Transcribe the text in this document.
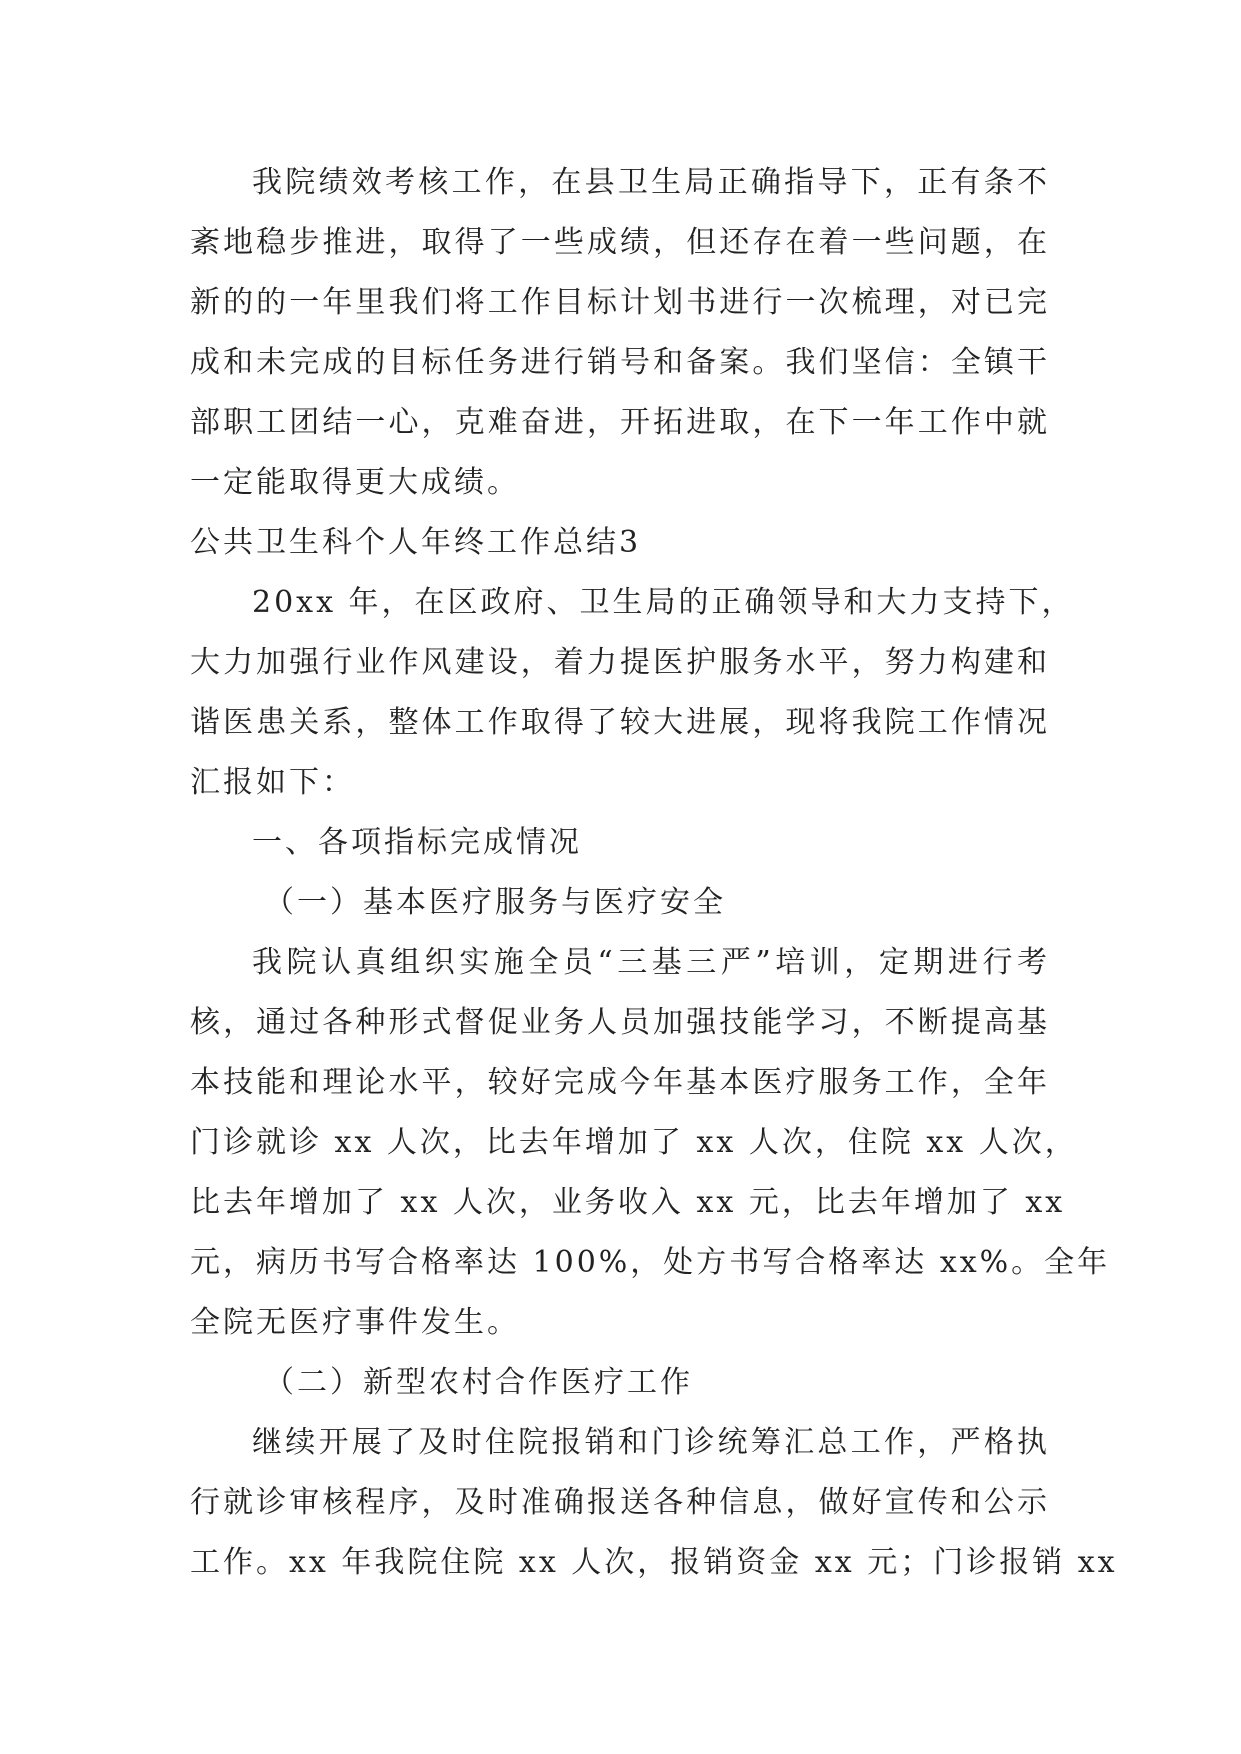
我院绩效考核工作，在县卫生局正确指导下，正有条不
紊地稳步推进，取得了一些成绩，但还存在着一些问题，在
新的的一年里我们将工作目标计划书进行一次梳理，对已完
成和未完成的目标任务进行销号和备案。我们坚信：全镇干
部职工团结一心，克难奋进，开拓进取，在下一年工作中就
一定能取得更大成绩。
公共卫生科个人年终工作总结3
20xx 年，在区政府、卫生局的正确领导和大力支持下，
大力加强行业作风建设，着力提医护服务水平，努力构建和
谐医患关系，整体工作取得了较大进展，现将我院工作情况
汇报如下：
一、各项指标完成情况
（一）基本医疗服务与医疗安全
我院认真组织实施全员“三基三严”培训，定期进行考
核，通过各种形式督促业务人员加强技能学习，不断提高基
本技能和理论水平，较好完成今年基本医疗服务工作，全年
门诊就诊 xx 人次，比去年增加了 xx 人次，住院 xx 人次，
比去年增加了 xx 人次，业务收入 xx 元，比去年增加了 xx
元，病历书写合格率达 100%，处方书写合格率达 xx%。全年
全院无医疗事件发生。
（二）新型农村合作医疗工作
继续开展了及时住院报销和门诊统筹汇总工作，严格执
行就诊审核程序，及时准确报送各种信息，做好宣传和公示
工作。xx 年我院住院 xx 人次，报销资金 xx 元；门诊报销 xx
